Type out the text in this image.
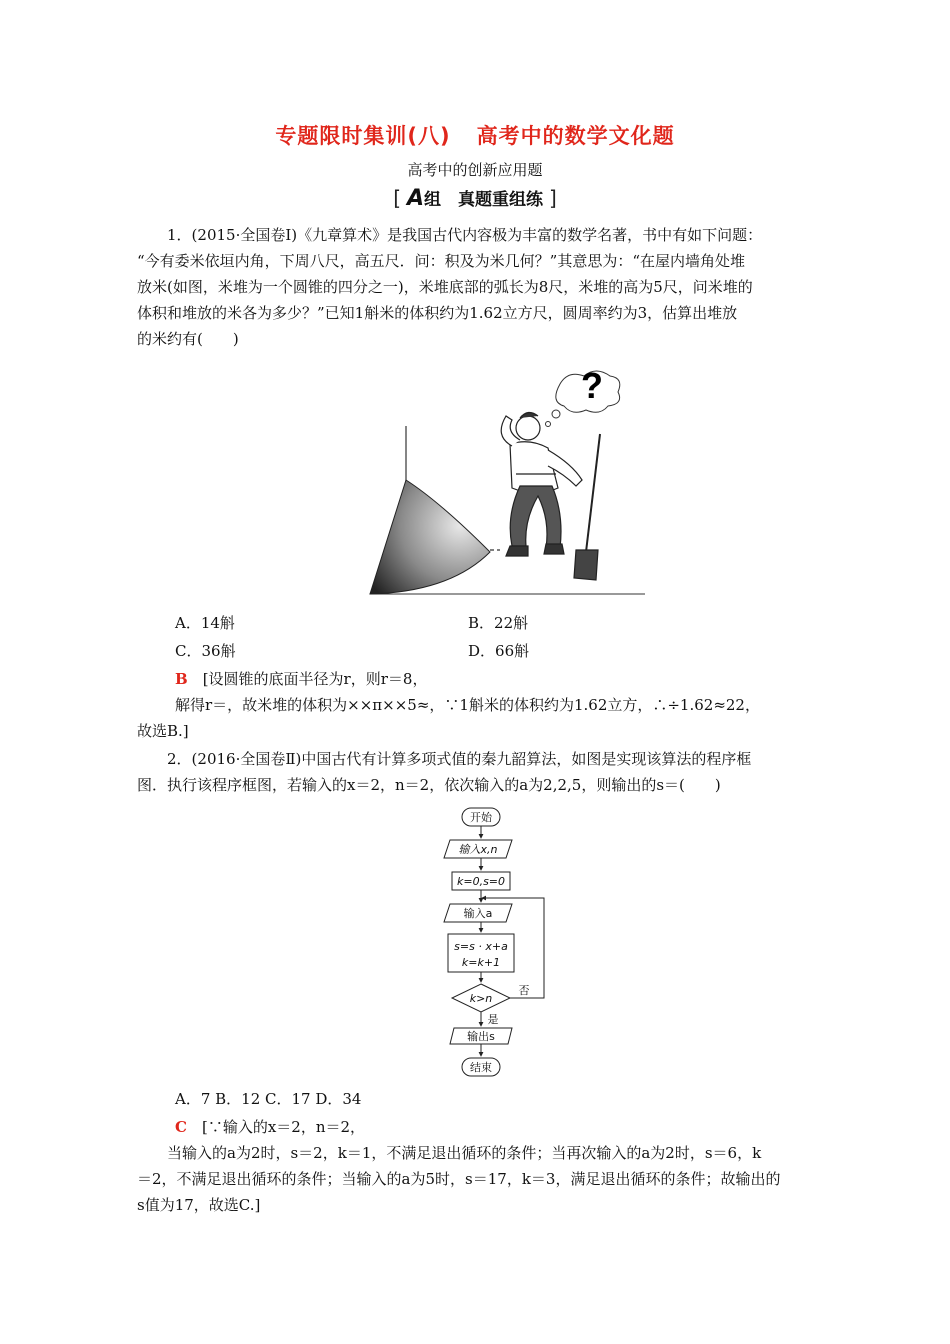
专题限时集训(八) 高考中的数学文化题
高考中的创新应用题
[ A组　真题重组练 ]
1．(2015·全国卷Ⅰ)《九章算术》是我国古代内容极为丰富的数学名著，书中有如下问题：
“今有委米依垣内角，下周八尺，高五尺．问：积及为米几何？”其意思为：“在屋内墙角处堆
放米(如图，米堆为一个圆锥的四分之一)，米堆底部的弧长为8尺，米堆的高为5尺，问米堆的
体积和堆放的米各为多少？”已知1斛米的体积约为1.62立方尺，圆周率约为3，估算出堆放
的米约有(　　)
?
A．14斛	B．22斛
C．36斛	D．66斛
B　 [设圆锥的底面半径为r，则r＝8，
解得r＝，故米堆的体积为××π××5≈，∵1斛米的体积约为1.62立方，∴÷1.62≈22，
故选B.]
2．(2016·全国卷Ⅱ)中国古代有计算多项式值的秦九韶算法，如图是实现该算法的程序框
图．执行该程序框图，若输入的x＝2，n＝2，依次输入的a为2,2,5，则输出的s＝(　　)
开始
输入x,n
k=0,s=0
输入a
s=s · x+a
k=k+1
k>n
否
是
输出s
结束
A．7 B．12 C．17 D．34
C　 [∵输入的x＝2，n＝2，
当输入的a为2时，s＝2，k＝1，不满足退出循环的条件；当再次输入的a为2时，s＝6，k
＝2，不满足退出循环的条件；当输入的a为5时，s＝17，k＝3，满足退出循环的条件；故输出的
s值为17，故选C.]
